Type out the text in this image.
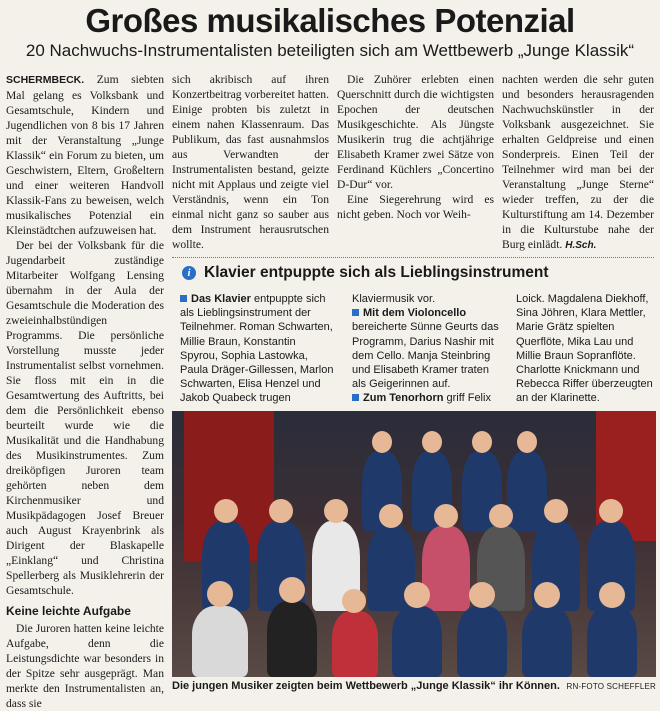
Großes musikalisches Potenzial
20 Nachwuchs-Instrumentalisten beteiligten sich am Wettbewerb „Junge Klassik“

SCHERMBECK. Zum siebten Mal gelang es Volksbank und Gesamtschule, Kindern und Jugendlichen von 8 bis 17 Jahren mit der Veranstaltung „Junge Klassik“ ein Forum zu bieten, um Geschwistern, Eltern, Großeltern und einer weiteren Handvoll Klassik-Fans zu beweisen, welch musikalisches Potenzial ein Kleinstädtchen aufzuweisen hat.

Der bei der Volksbank für die Jugendarbeit zuständige Mitarbeiter Wolfgang Lensing übernahm in der Aula der Gesamtschule die Moderation des zweieinhalbstündigen Programms. Die persönliche Vorstellung musste jeder Instrumentalist selbst vornehmen. Sie floss mit ein in die Gesamtwertung des Auftritts, bei dem die Persönlichkeit ebenso beurteilt wurde wie die Musikalität und die Handhabung des Musikinstrumentes. Zum dreiköpfigen Juroren team gehörten neben dem Kirchenmusiker und Musikpädagogen Josef Breuer auch August Krayenbrink als Dirigent der Blaskapelle „Einklang“ und Christina Spellerberg als Musiklehrerin der Gesamtschule.

Keine leichte Aufgabe

Die Juroren hatten keine leichte Aufgabe, denn die Leistungsdichte war besonders in der Spitze sehr ausgeprägt. Man merkte den Instrumentalisten an, dass sie

sich akribisch auf ihren Konzertbeitrag vorbereitet hatten. Einige probten bis zuletzt in einem nahen Klassenraum. Das Publikum, das fast ausnahmslos aus Verwandten der Instrumentalisten bestand, geizte nicht mit Applaus und zeigte viel Verständnis, wenn ein Ton einmal nicht ganz so sauber aus dem Instrument herausrutschen wollte.

Die Zuhörer erlebten einen Querschnitt durch die wichtigsten Epochen der deutschen Musikgeschichte. Als Jüngste Musikerin trug die achtjährige Elisabeth Kramer zwei Sätze von Ferdinand Küchlers „Concertino D-Dur“ vor.

Eine Siegerehrung wird es nicht geben. Noch vor Weih-

nachten werden die sehr guten und besonders herausragenden Nachwuchskünstler in der Volksbank ausgezeichnet. Sie erhalten Geldpreise und einen Sonderpreis. Einen Teil der Teilnehmer wird man bei der Veranstaltung „Junge Sterne“ wieder treffen, zu der die Kulturstiftung am 14. Dezember in die Kulturstube nahe der Burg einlädt. H.Sch.

i Klavier entpuppte sich als Lieblingsinstrument
Das Klavier entpuppte sich als Lieblingsinstrument der Teilnehmer. Roman Schwarten, Millie Braun, Konstantin Spyrou, Sophia Lastowka, Paula Dräger-Gillessen, Marlon Schwarten, Elisa Henzel und Jakob Quabeck trugen
Klaviermusik vor.
Mit dem Violoncello bereicherte Sünne Geurts das Programm, Darius Nashir mit dem Cello. Manja Steinbring und Elisabeth Kramer traten als Geigerinnen auf.
Zum Tenorhorn griff Felix
Loick. Magdalena Diekhoff, Sina Jöhren, Klara Mettler, Marie Grätz spielten Querflöte, Mika Lau und Millie Braun Sopranflöte. Charlotte Knickmann und Rebecca Riffer überzeugten an der Klarinette.
Die jungen Musiker zeigten beim Wettbewerb „Junge Klassik“ ihr Können. RN-FOTO SCHEFFLER
